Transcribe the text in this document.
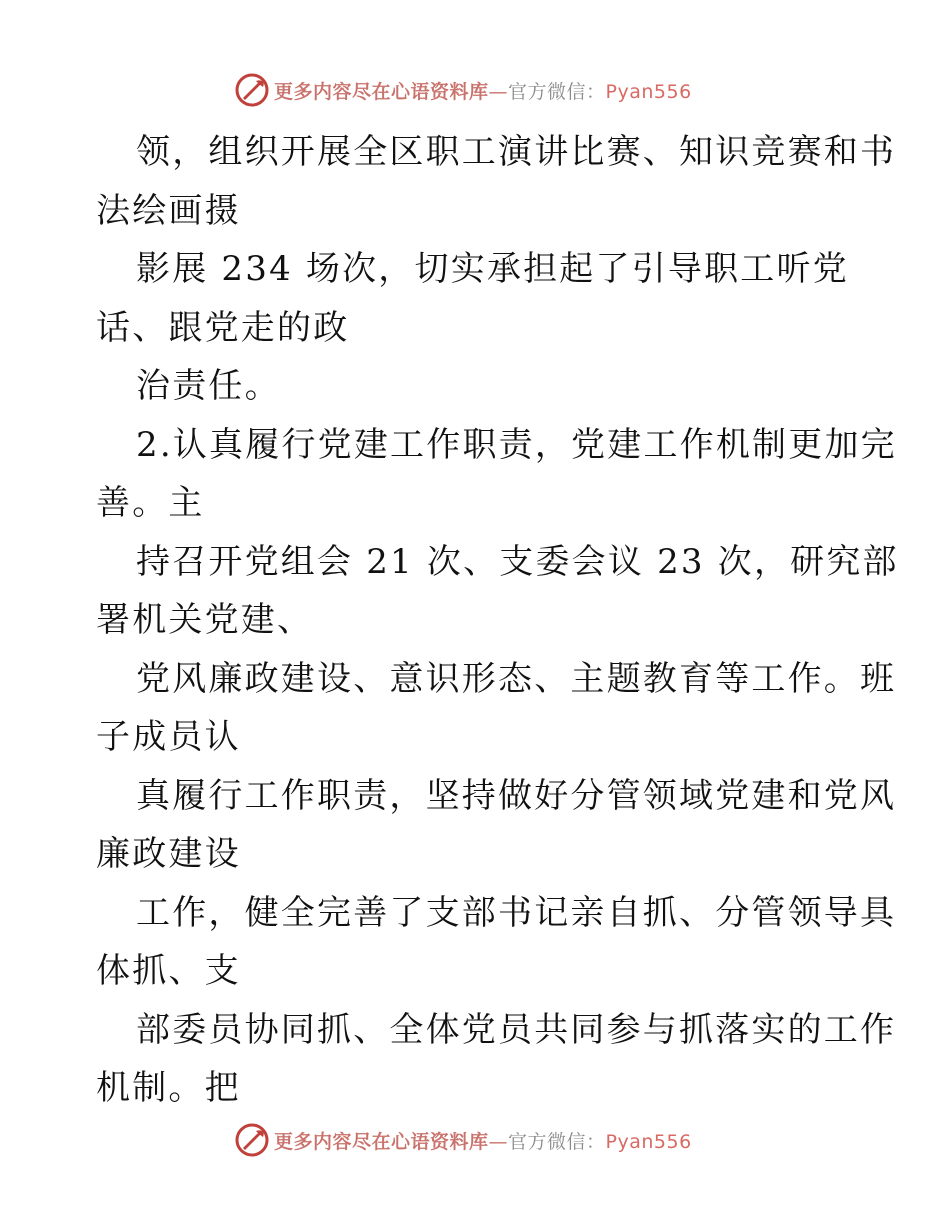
更多内容尽在心语资料库—官方微信：Pyan556
领，组织开展全区职工演讲比赛、知识竞赛和书
法绘画摄
影展 234 场次，切实承担起了引导职工听党
话、跟党走的政
治责任。
2.认真履行党建工作职责，党建工作机制更加完
善。主
持召开党组会 21 次、支委会议 23 次，研究部
署机关党建、
党风廉政建设、意识形态、主题教育等工作。班
子成员认
真履行工作职责，坚持做好分管领域党建和党风
廉政建设
工作，健全完善了支部书记亲自抓、分管领导具
体抓、支
部委员协同抓、全体党员共同参与抓落实的工作
机制。把
更多内容尽在心语资料库—官方微信：Pyan556
